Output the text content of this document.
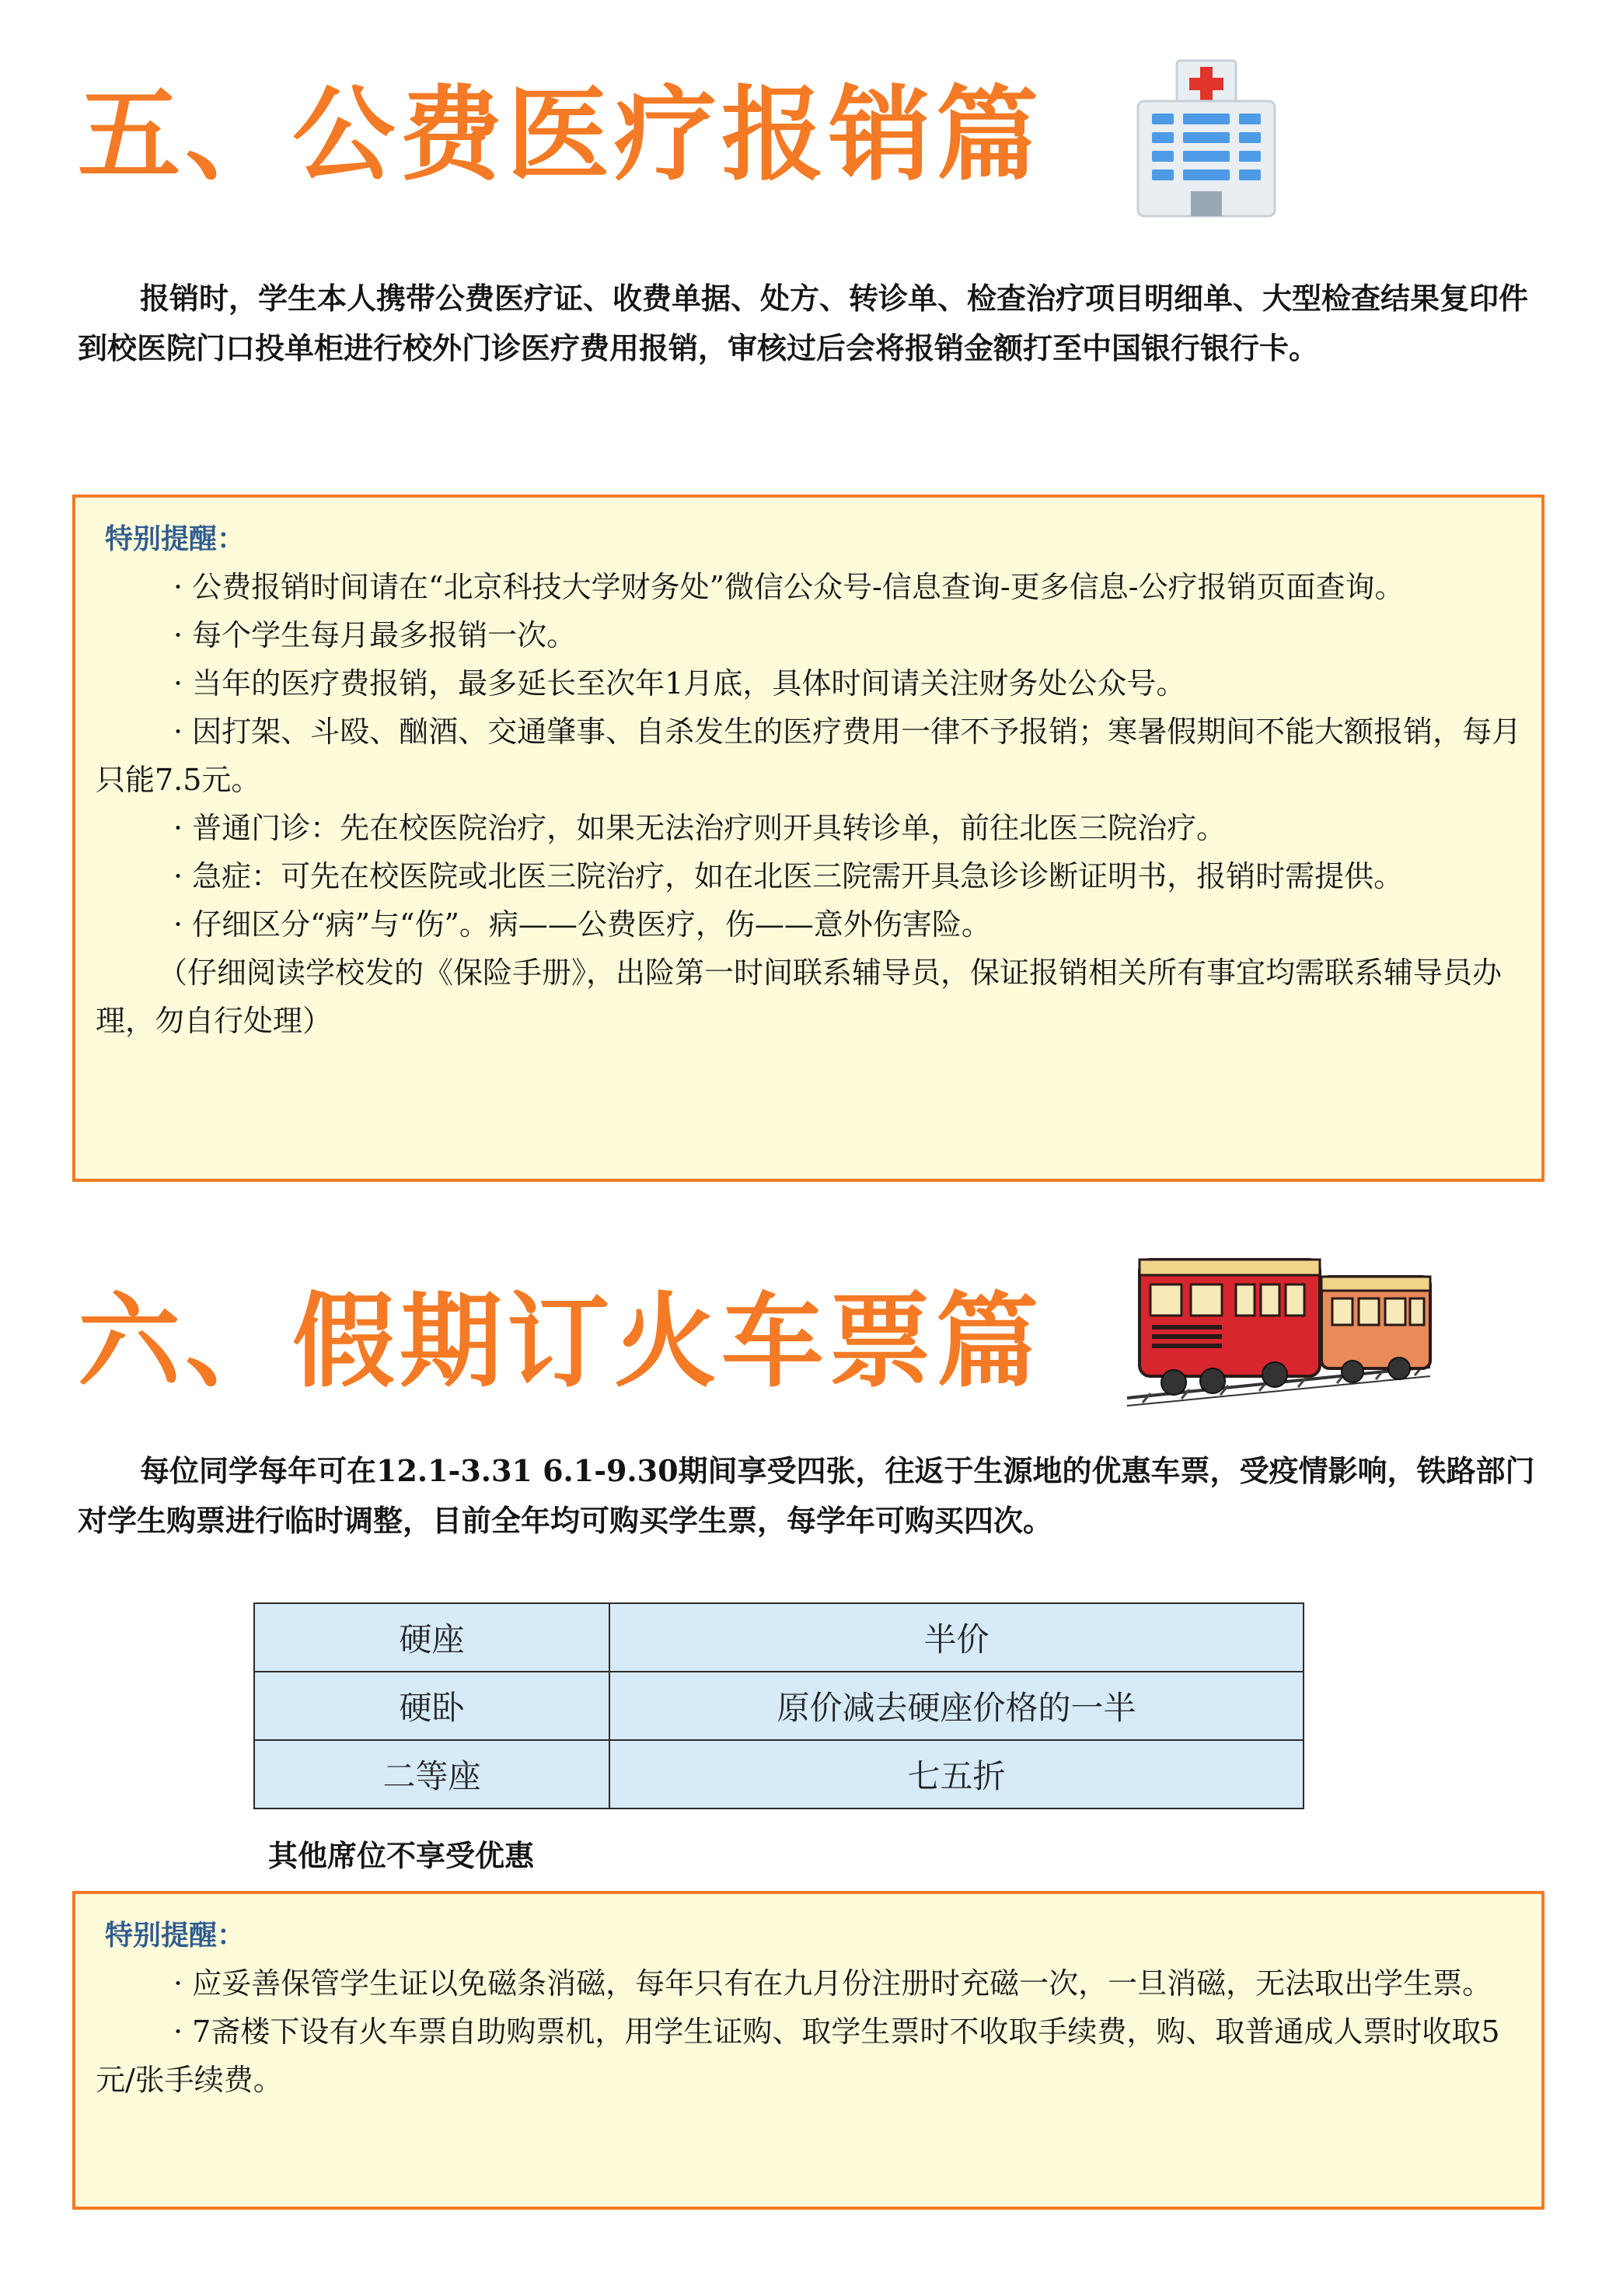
五、公费医疗报销篇

报销时，学生本人携带公费医疗证、收费单据、处方、转诊单、检查治疗项目明细单、大型检查结果复印件到校医院门口投单柜进行校外门诊医疗费用报销，审核过后会将报销金额打至中国银行银行卡。

特别提醒：

· 公费报销时间请在“北京科技大学财务处”微信公众号-信息查询-更多信息-公疗报销页面查询。

· 每个学生每月最多报销一次。

· 当年的医疗费报销，最多延长至次年1月底，具体时间请关注财务处公众号。

· 因打架、斗殴、酗酒、交通肇事、自杀发生的医疗费用一律不予报销；寒暑假期间不能大额报销，每月只能7.5元。

· 普通门诊：先在校医院治疗，如果无法治疗则开具转诊单，前往北医三院治疗。

· 急症：可先在校医院或北医三院治疗，如在北医三院需开具急诊诊断证明书，报销时需提供。

· 仔细区分“病”与“伤”。病——公费医疗，伤——意外伤害险。

（仔细阅读学校发的《保险手册》，出险第一时间联系辅导员，保证报销相关所有事宜均需联系辅导员办理，勿自行处理）

六、假期订火车票篇

每位同学每年可在12.1-3.31 6.1-9.30期间享受四张，往返于生源地的优惠车票，受疫情影响，铁路部门对学生购票进行临时调整，目前全年均可购买学生票，每学年可购买四次。

硬座	半价
硬卧	原价减去硬座价格的一半
二等座	七五折

其他席位不享受优惠

特别提醒：

· 应妥善保管学生证以免磁条消磁，每年只有在九月份注册时充磁一次，一旦消磁，无法取出学生票。

· 7斋楼下设有火车票自助购票机，用学生证购、取学生票时不收取手续费，购、取普通成人票时收取5元/张手续费。
